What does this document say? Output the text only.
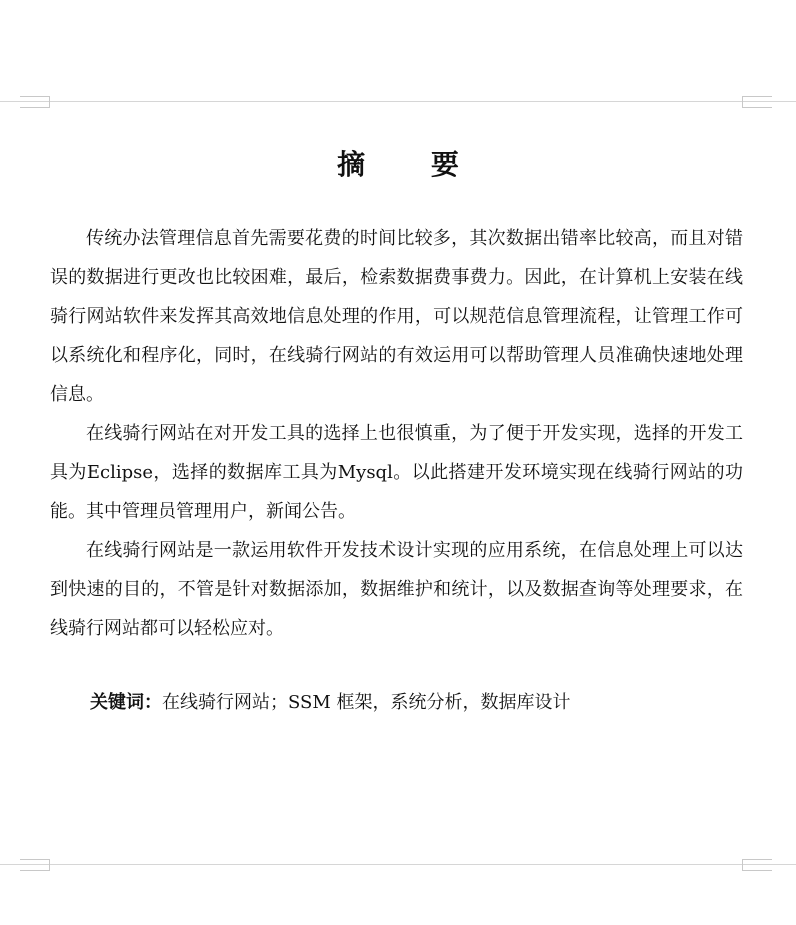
摘 要

传统办法管理信息首先需要花费的时间比较多，其次数据出错率比较高，而且对错误的数据进行更改也比较困难，最后，检索数据费事费力。因此，在计算机上安装在线骑行网站软件来发挥其高效地信息处理的作用，可以规范信息管理流程，让管理工作可以系统化和程序化，同时，在线骑行网站的有效运用可以帮助管理人员准确快速地处理信息。

在线骑行网站在对开发工具的选择上也很慎重，为了便于开发实现，选择的开发工具为Eclipse，选择的数据库工具为Mysql。以此搭建开发环境实现在线骑行网站的功能。其中管理员管理用户，新闻公告。

在线骑行网站是一款运用软件开发技术设计实现的应用系统，在信息处理上可以达到快速的目的，不管是针对数据添加，数据维护和统计，以及数据查询等处理要求，在线骑行网站都可以轻松应对。

关键词：在线骑行网站；SSM 框架，系统分析，数据库设计
